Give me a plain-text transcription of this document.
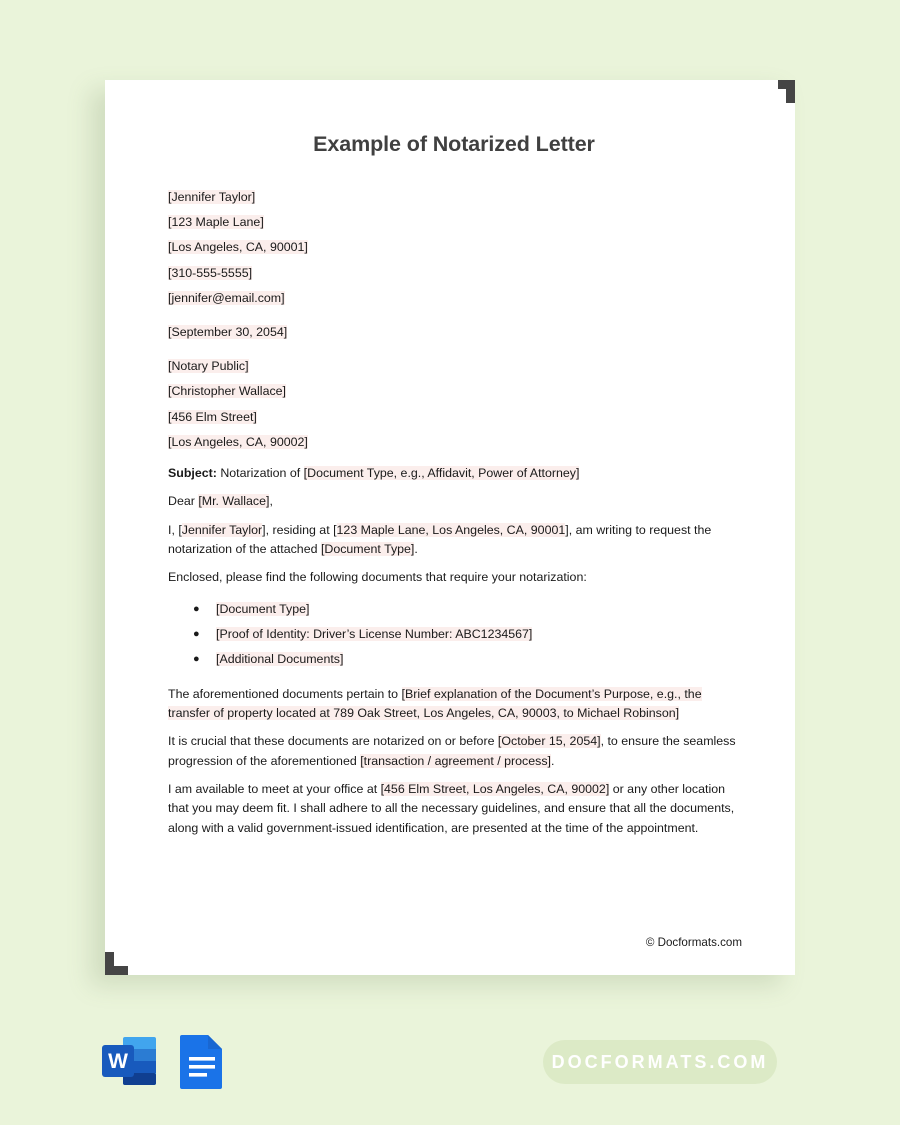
Example of Notarized Letter
[Jennifer Taylor]
[123 Maple Lane]
[Los Angeles, CA, 90001]
[310-555-5555]
[jennifer@email.com]
[September 30, 2054]
[Notary Public]
[Christopher Wallace]
[456 Elm Street]
[Los Angeles, CA, 90002]
Subject: Notarization of [Document Type, e.g., Affidavit, Power of Attorney]
Dear [Mr. Wallace],
I, [Jennifer Taylor], residing at [123 Maple Lane, Los Angeles, CA, 90001], am writing to request the notarization of the attached [Document Type].
Enclosed, please find the following documents that require your notarization:
● [Document Type]
● [Proof of Identity: Driver’s License Number: ABC1234567]
● [Additional Documents]
The aforementioned documents pertain to [Brief explanation of the Document’s Purpose, e.g., the transfer of property located at 789 Oak Street, Los Angeles, CA, 90003, to Michael Robinson]
It is crucial that these documents are notarized on or before [October 15, 2054], to ensure the seamless progression of the aforementioned [transaction / agreement / process].
I am available to meet at your office at [456 Elm Street, Los Angeles, CA, 90002] or any other location that you may deem fit. I shall adhere to all the necessary guidelines, and ensure that all the documents, along with a valid government-issued identification, are presented at the time of the appointment.
© Docformats.com
W	DOCFORMATS.COM
